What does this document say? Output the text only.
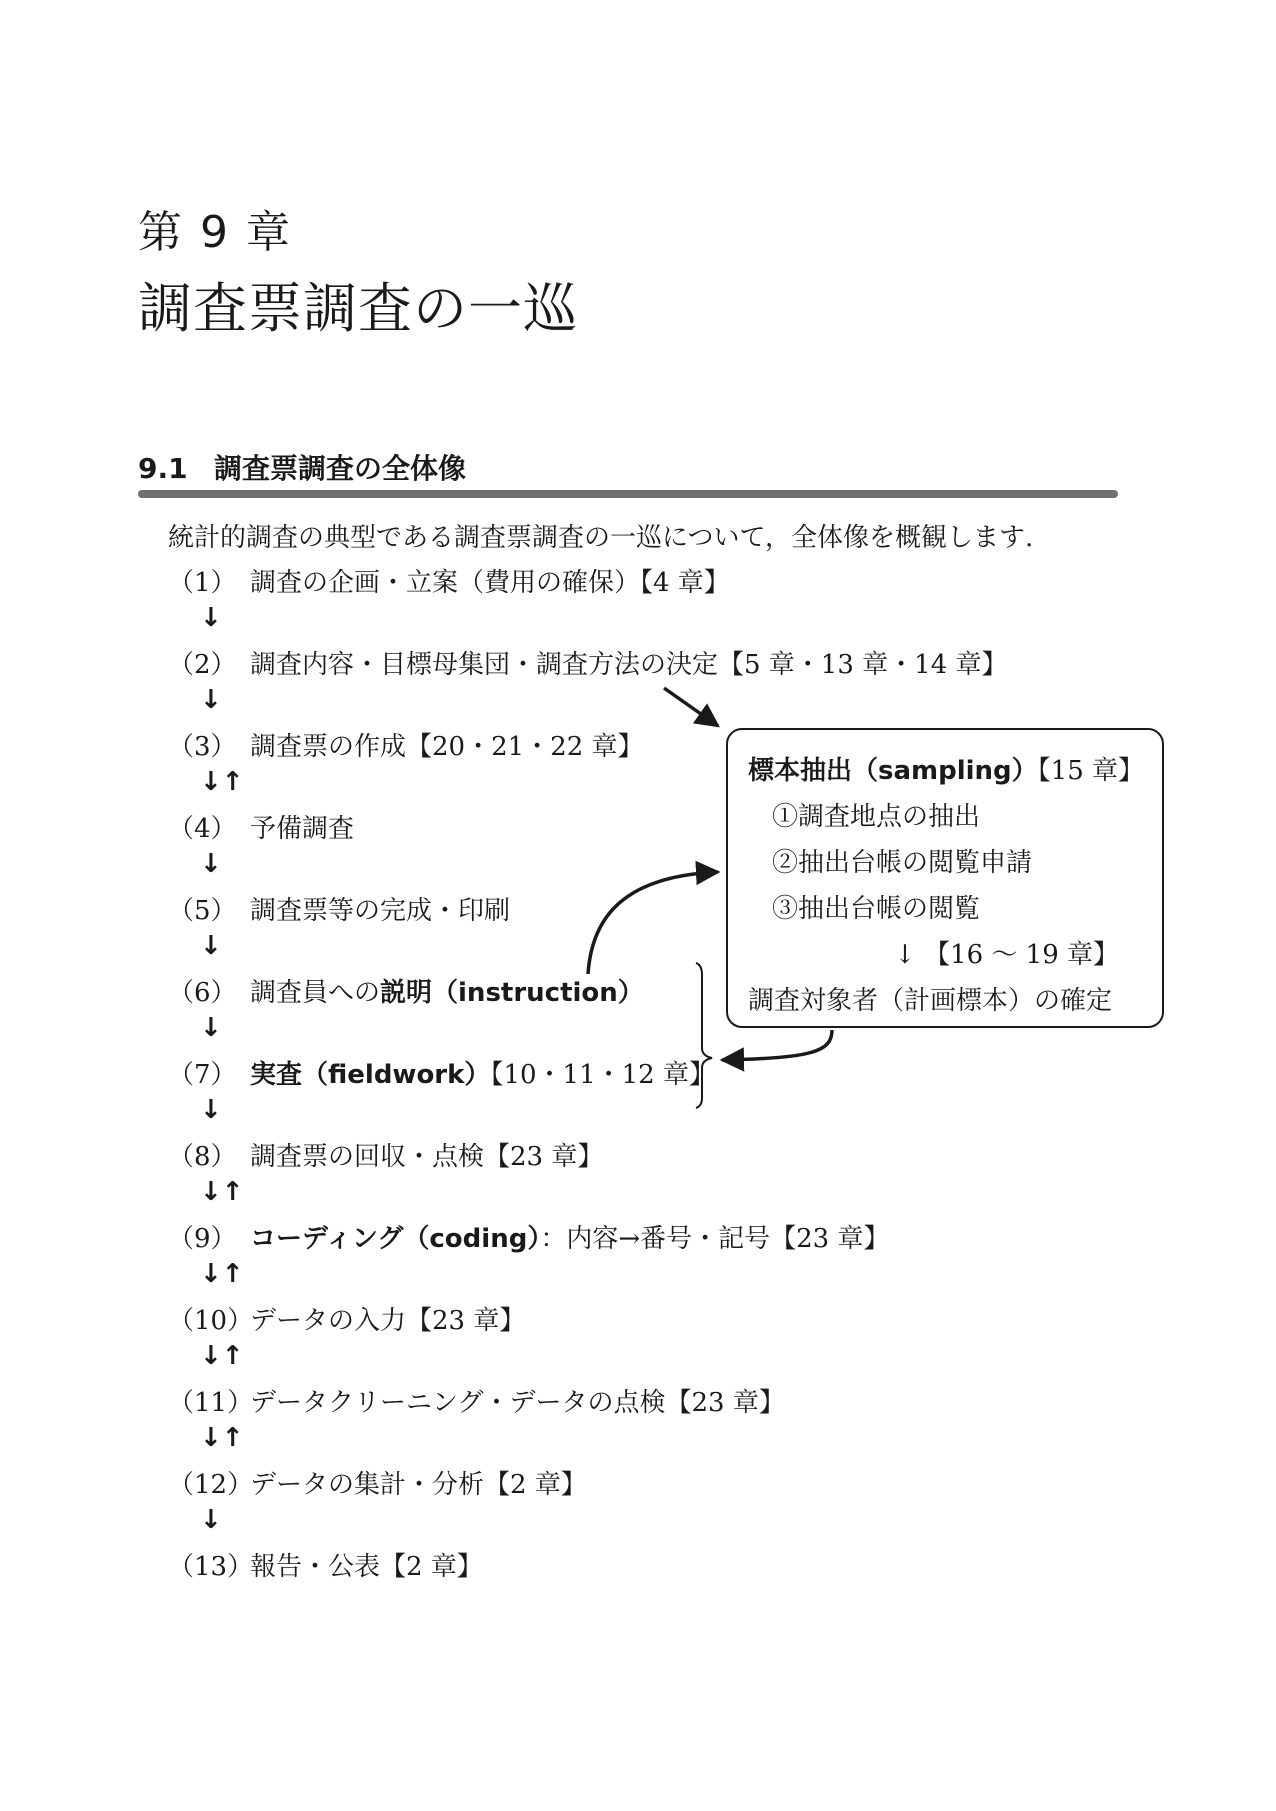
第 9 章
調査票調査の一巡
9.1 調査票調査の全体像
統計的調査の典型である調査票調査の一巡について，全体像を概観します.
（1） 調査の企画・立案（費用の確保）【4 章】
（2） 調査内容・目標母集団・調査方法の決定【5 章・13 章・14 章】
（3） 調査票の作成【20・21・22 章】
（4） 予備調査
（5） 調査票等の完成・印刷
（6） 調査員への説明（instruction）
（7） 実査（fieldwork）【10・11・12 章】
（8） 調査票の回収・点検【23 章】
（9） コーディング（coding）：内容→番号・記号【23 章】
（10）データの入力【23 章】
（11）データクリーニング・データの点検【23 章】
（12）データの集計・分析【2 章】
（13）報告・公表【2 章】
↓
↓
↓↑
↓
↓
↓
↓
↓↑
↓↑
↓↑
↓↑
↓
標本抽出（sampling）【15 章】
①調査地点の抽出
②抽出台帳の閲覧申請
③抽出台帳の閲覧
↓ 【16 ～ 19 章】
調査対象者（計画標本）の確定
